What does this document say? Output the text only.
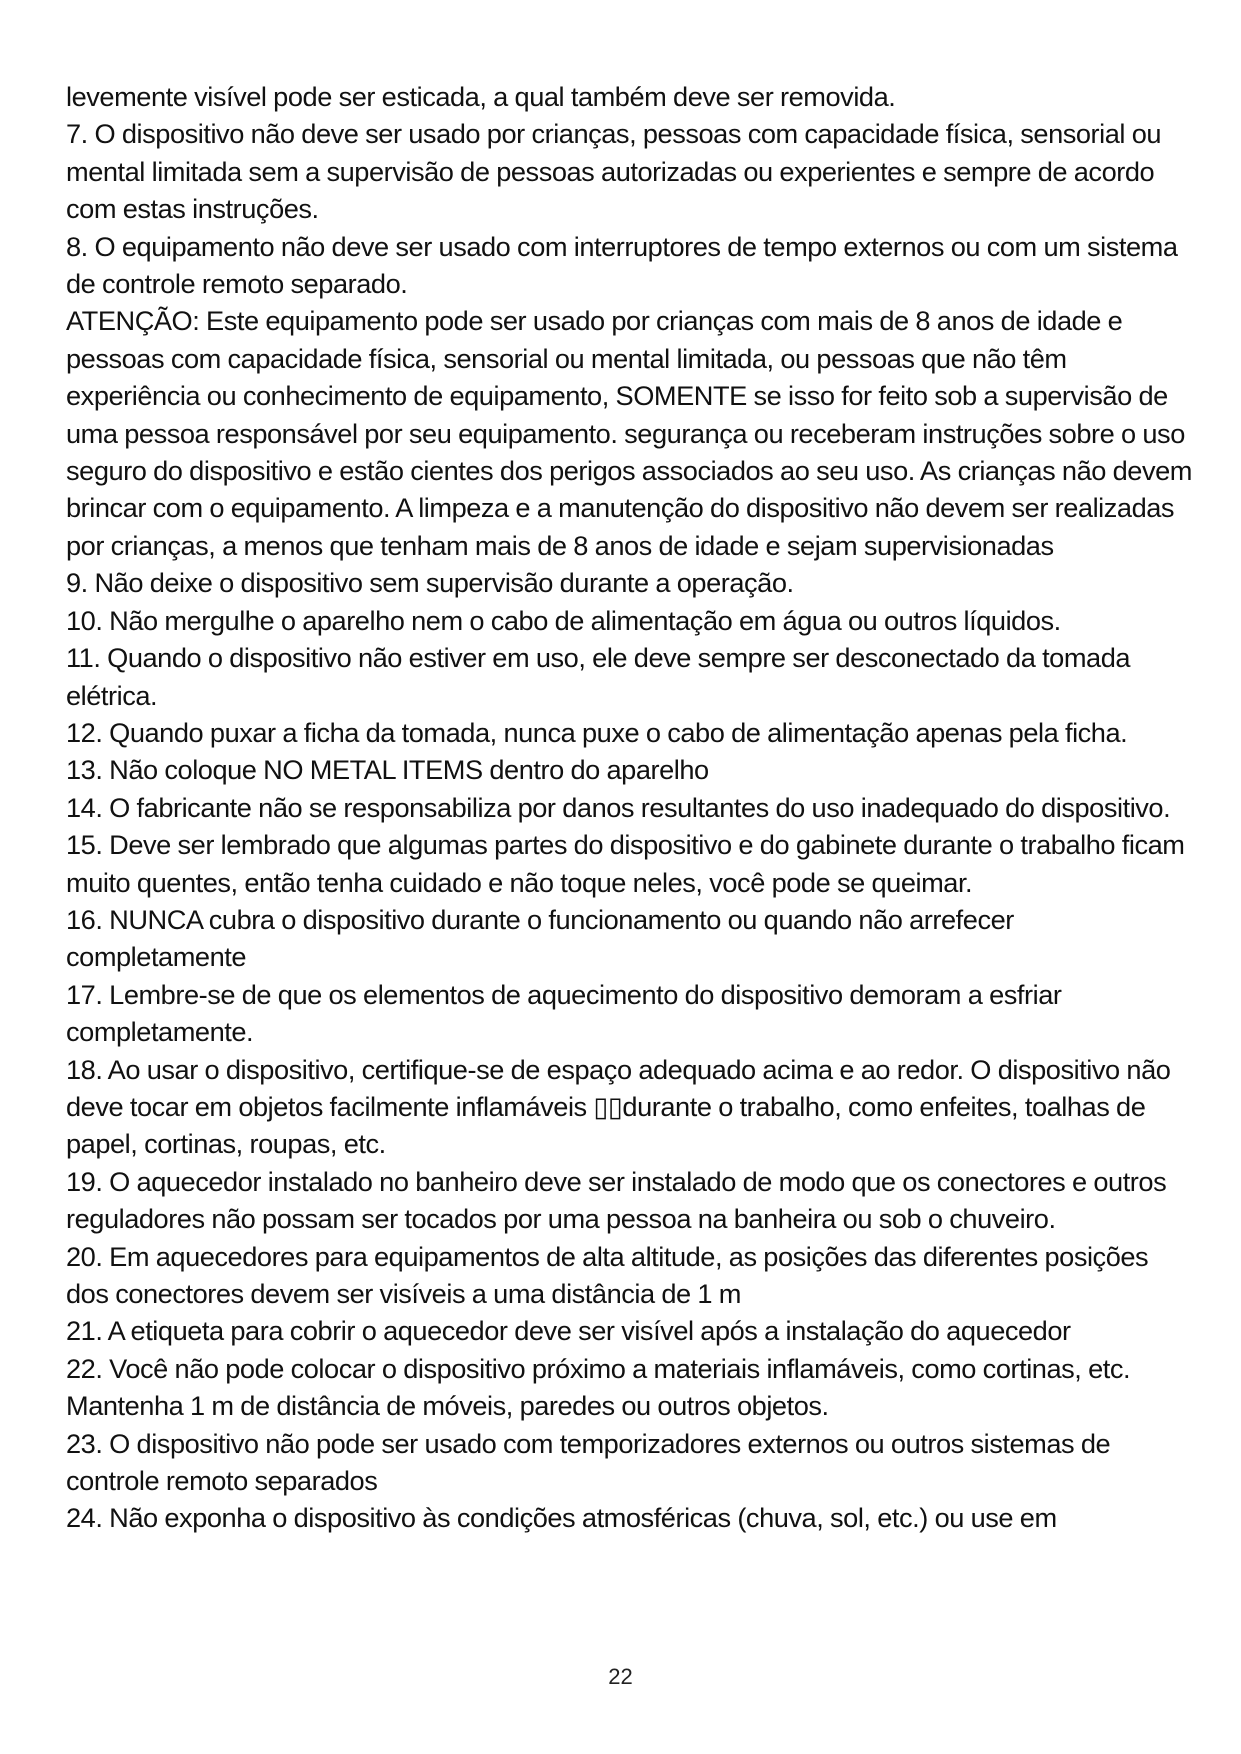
levemente visível pode ser esticada, a qual também deve ser removida.

7. O dispositivo não deve ser usado por crianças, pessoas com capacidade física, sensorial ou mental limitada sem a supervisão de pessoas autorizadas ou experientes e sempre de acordo com estas instruções.

8. O equipamento não deve ser usado com interruptores de tempo externos ou com um sistema de controle remoto separado.

ATENÇÃO: Este equipamento pode ser usado por crianças com mais de 8 anos de idade e pessoas com capacidade física, sensorial ou mental limitada, ou pessoas que não têm experiência ou conhecimento de equipamento, SOMENTE se isso for feito sob a supervisão de uma pessoa responsável por seu equipamento. segurança ou receberam instruções sobre o uso seguro do dispositivo e estão cientes dos perigos associados ao seu uso. As crianças não devem brincar com o equipamento. A limpeza e a manutenção do dispositivo não devem ser realizadas por crianças, a menos que tenham mais de 8 anos de idade e sejam supervisionadas

9. Não deixe o dispositivo sem supervisão durante a operação.

10. Não mergulhe o aparelho nem o cabo de alimentação em água ou outros líquidos.

11. Quando o dispositivo não estiver em uso, ele deve sempre ser desconectado da tomada elétrica.

12. Quando puxar a ficha da tomada, nunca puxe o cabo de alimentação apenas pela ficha.

13. Não coloque NO METAL ITEMS dentro do aparelho

14. O fabricante não se responsabiliza por danos resultantes do uso inadequado do dispositivo.

15. Deve ser lembrado que algumas partes do dispositivo e do gabinete durante o trabalho ficam muito quentes, então tenha cuidado e não toque neles, você pode se queimar.

16. NUNCA cubra o dispositivo durante o funcionamento ou quando não arrefecer completamente

17. Lembre-se de que os elementos de aquecimento do dispositivo demoram a esfriar completamente.

18. Ao usar o dispositivo, certifique-se de espaço adequado acima e ao redor. O dispositivo não deve tocar em objetos facilmente inflamáveis ▯▯durante o trabalho, como enfeites, toalhas de papel, cortinas, roupas, etc.

19. O aquecedor instalado no banheiro deve ser instalado de modo que os conectores e outros reguladores não possam ser tocados por uma pessoa na banheira ou sob o chuveiro.

20. Em aquecedores para equipamentos de alta altitude, as posições das diferentes posições dos conectores devem ser visíveis a uma distância de 1 m

21. A etiqueta para cobrir o aquecedor deve ser visível após a instalação do aquecedor

22. Você não pode colocar o dispositivo próximo a materiais inflamáveis, como cortinas, etc. Mantenha 1 m de distância de móveis, paredes ou outros objetos.

23. O dispositivo não pode ser usado com temporizadores externos ou outros sistemas de controle remoto separados

24. Não exponha o dispositivo às condições atmosféricas (chuva, sol, etc.) ou use em

22
